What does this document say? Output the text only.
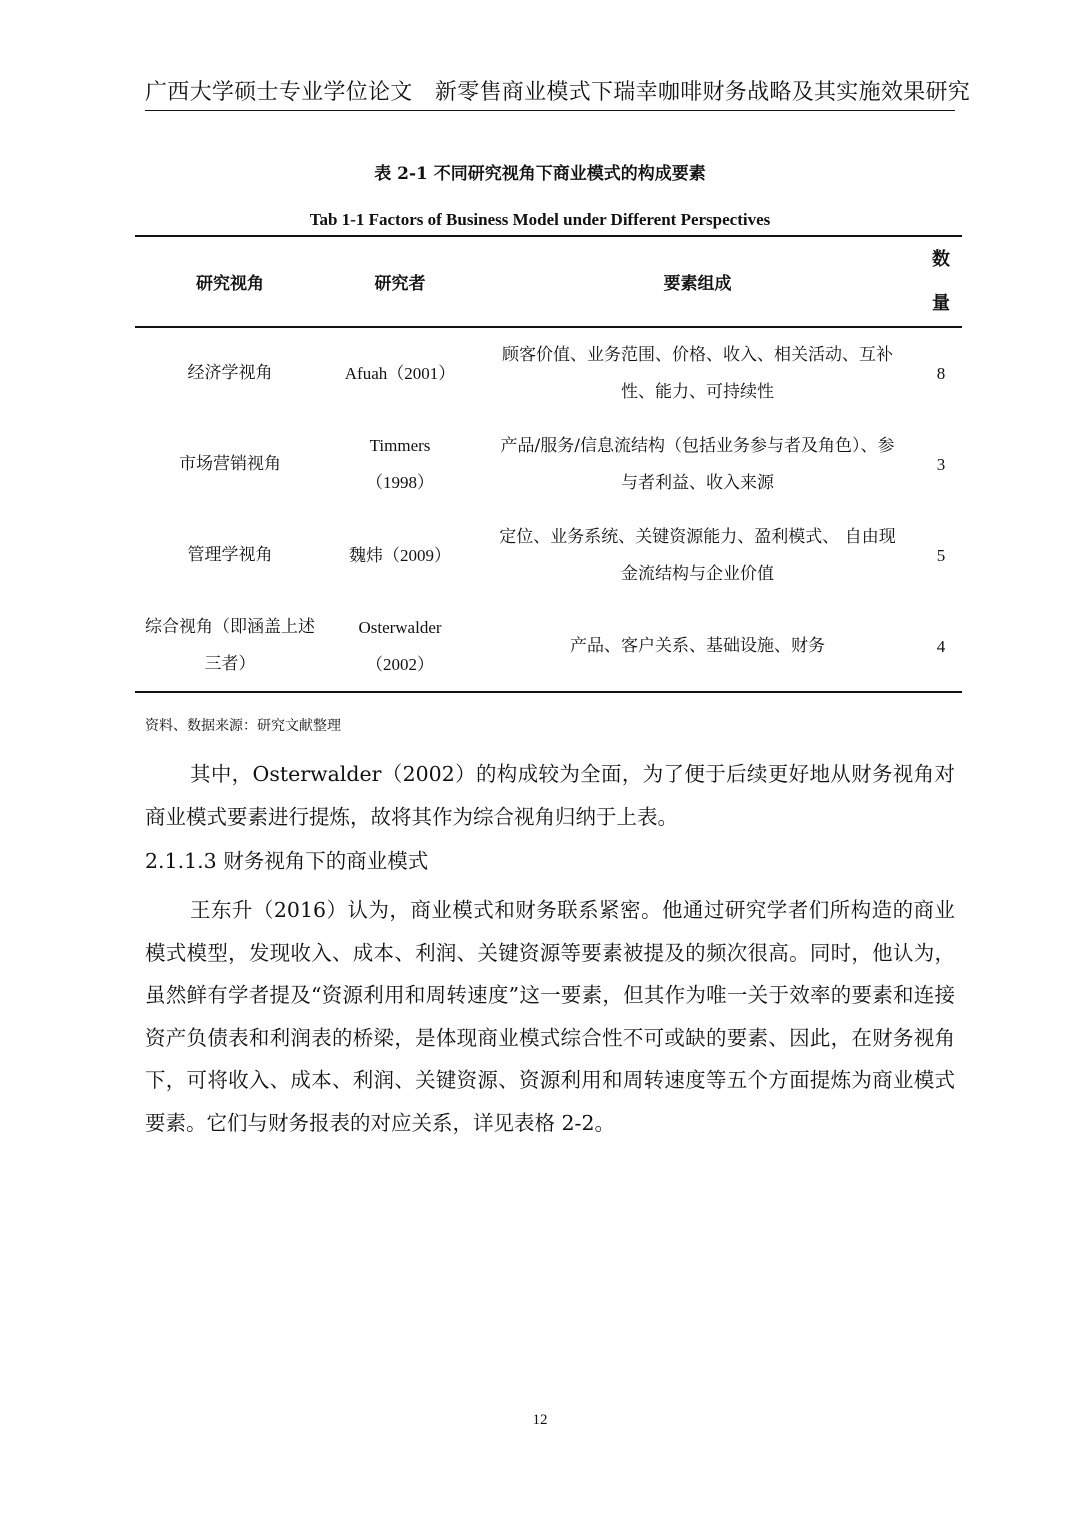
广西大学硕士专业学位论文　新零售商业模式下瑞幸咖啡财务战略及其实施效果研究
表 2-1 不同研究视角下商业模式的构成要素
Tab 1-1 Factors of Business Model under Different Perspectives
研究视角	研究者	要素组成	数量
经济学视角	Afuah（2001）	顾客价值、业务范围、价格、收入、相关活动、互补性、能力、可持续性	8
市场营销视角	Timmers（1998）	产品/服务/信息流结构（包括业务参与者及角色）、参与者利益、收入来源	3
管理学视角	魏炜（2009）	定位、业务系统、关键资源能力、盈利模式、 自由现金流结构与企业价值	5
综合视角（即涵盖上述三者）	Osterwalder（2002）	产品、客户关系、基础设施、财务	4
资料、数据来源：研究文献整理

其中，Osterwalder（2002）的构成较为全面，为了便于后续更好地从财务视角对商业模式要素进行提炼，故将其作为综合视角归纳于上表。

2.1.1.3 财务视角下的商业模式

王东升（2016）认为，商业模式和财务联系紧密。他通过研究学者们所构造的商业模式模型，发现收入、成本、利润、关键资源等要素被提及的频次很高。同时，他认为，虽然鲜有学者提及“资源利用和周转速度”这一要素，但其作为唯一关于效率的要素和连接资产负债表和利润表的桥梁，是体现商业模式综合性不可或缺的要素、因此，在财务视角下，可将收入、成本、利润、关键资源、资源利用和周转速度等五个方面提炼为商业模式要素。它们与财务报表的对应关系，详见表格 2-2。

12
